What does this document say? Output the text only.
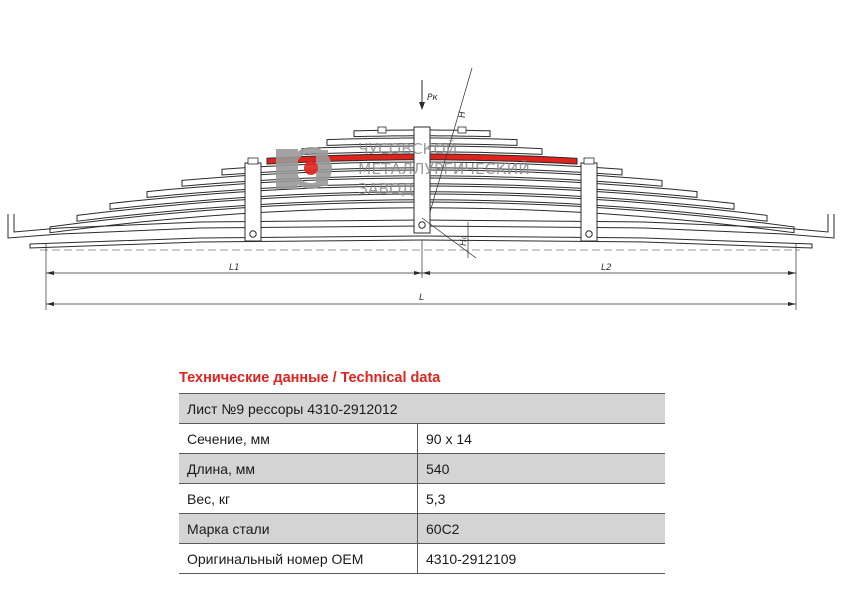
H
H₀
Pк
L1	L2
L
ЧУСОВСКОЙ
МЕТАЛЛУРГИЧЕСКИЙ
ЗАВОД
Технические данные / Technical data
Лист №9 рессоры 4310-2912012	
Сечение, мм	90 x 14
Длина, мм	540
Вес, кг	5,3
Марка стали	60С2
Оригинальный номер OEM	4310-2912109
